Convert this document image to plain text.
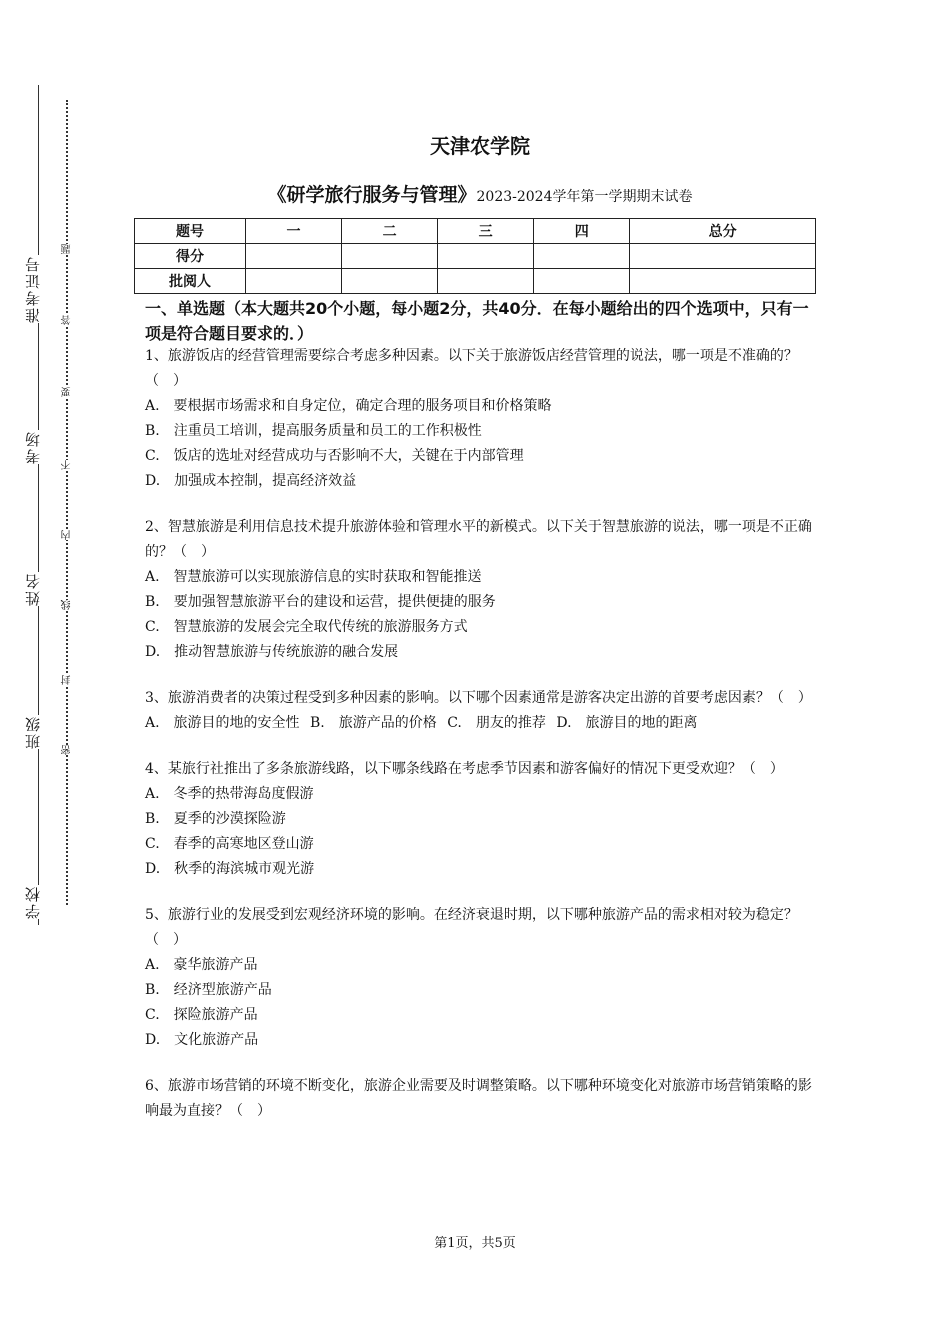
准考证号
考场
姓名
班级
学校
题
答
要
不
内
线
封
密
天津农学院
《研学旅行服务与管理》2023-2024学年第一学期期末试卷
题号	一	二	三	四	总分
得分					
批阅人					
一、单选题（本大题共20个小题，每小题2分，共40分．在每小题给出的四个选项中，只有一项是符合题目要求的．）
1、旅游饭店的经营管理需要综合考虑多种因素。以下关于旅游饭店经营管理的说法，哪一项是不准确的？（　）
A.　要根据市场需求和自身定位，确定合理的服务项目和价格策略
B.　注重员工培训，提高服务质量和员工的工作积极性
C.　饭店的选址对经营成功与否影响不大，关键在于内部管理
D.　加强成本控制，提高经济效益
2、智慧旅游是利用信息技术提升旅游体验和管理水平的新模式。以下关于智慧旅游的说法，哪一项是不正确的？（　）
A.　智慧旅游可以实现旅游信息的实时获取和智能推送
B.　要加强智慧旅游平台的建设和运营，提供便捷的服务
C.　智慧旅游的发展会完全取代传统的旅游服务方式
D.　推动智慧旅游与传统旅游的融合发展
3、旅游消费者的决策过程受到多种因素的影响。以下哪个因素通常是游客决定出游的首要考虑因素？（　）
A.　旅游目的地的安全性 B.　旅游产品的价格 C.　朋友的推荐 D.　旅游目的地的距离
4、某旅行社推出了多条旅游线路，以下哪条线路在考虑季节因素和游客偏好的情况下更受欢迎？（　）
A.　冬季的热带海岛度假游
B.　夏季的沙漠探险游
C.　春季的高寒地区登山游
D.　秋季的海滨城市观光游
5、旅游行业的发展受到宏观经济环境的影响。在经济衰退时期，以下哪种旅游产品的需求相对较为稳定？（　）
A.　豪华旅游产品
B.　经济型旅游产品
C.　探险旅游产品
D.　文化旅游产品
6、旅游市场营销的环境不断变化，旅游企业需要及时调整策略。以下哪种环境变化对旅游市场营销策略的影响最为直接？（　）
第1页，共5页
